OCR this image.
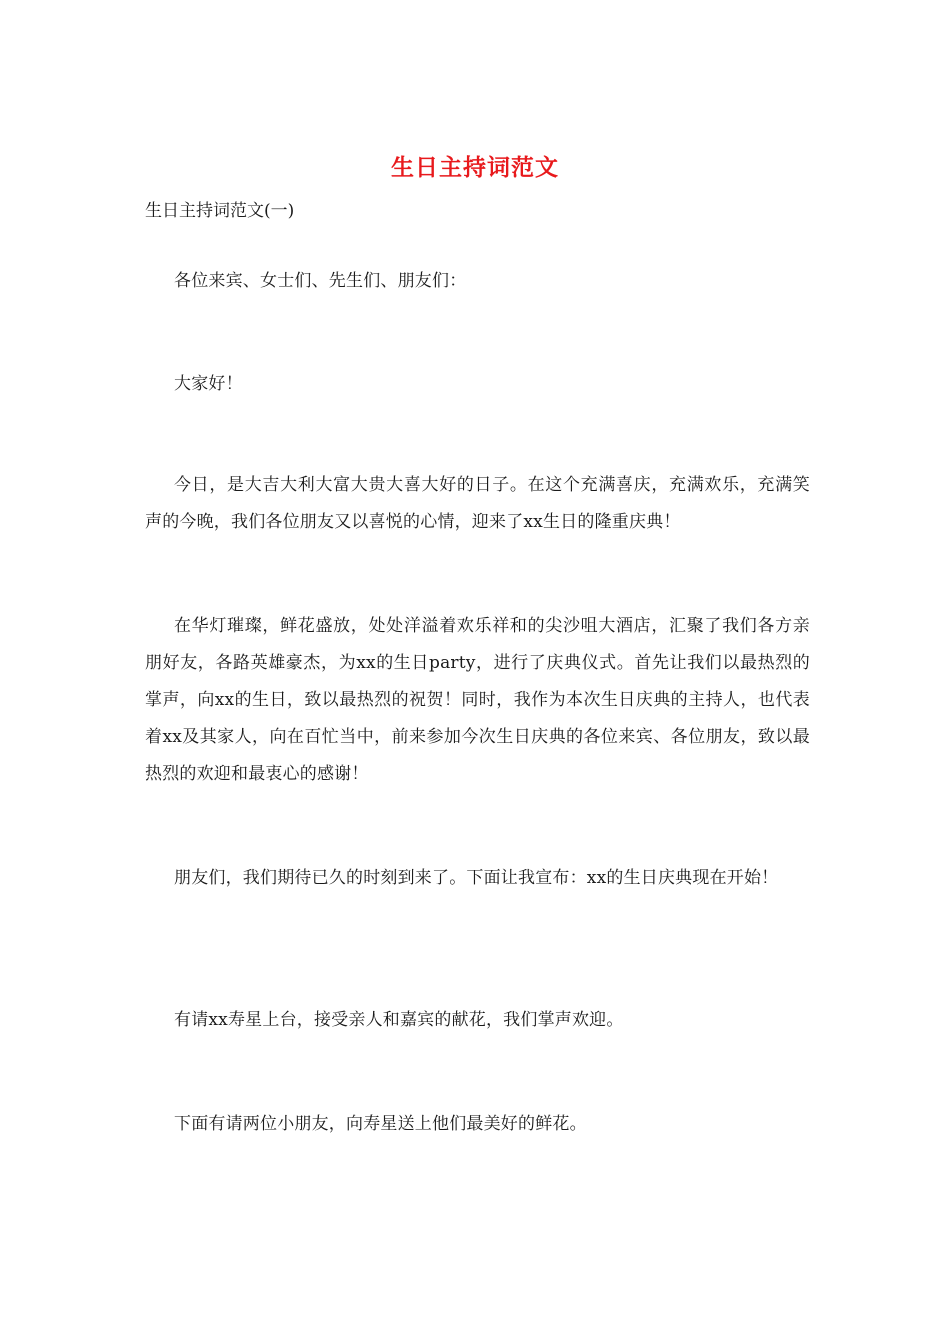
生日主持词范文
生日主持词范文(一)

各位来宾、女士们、先生们、朋友们：

大家好！

今日，是大吉大利大富大贵大喜大好的日子。在这个充满喜庆，充满欢乐，充满笑声的今晚，我们各位朋友又以喜悦的心情，迎来了xx生日的隆重庆典！

在华灯璀璨，鲜花盛放，处处洋溢着欢乐祥和的尖沙咀大酒店，汇聚了我们各方亲朋好友，各路英雄豪杰，为xx的生日party，进行了庆典仪式。首先让我们以最热烈的掌声，向xx的生日，致以最热烈的祝贺！同时，我作为本次生日庆典的主持人，也代表着xx及其家人，向在百忙当中，前来参加今次生日庆典的各位来宾、各位朋友，致以最热烈的欢迎和最衷心的感谢！

朋友们，我们期待已久的时刻到来了。下面让我宣布：xx的生日庆典现在开始！

有请xx寿星上台，接受亲人和嘉宾的献花，我们掌声欢迎。

下面有请两位小朋友，向寿星送上他们最美好的鲜花。
